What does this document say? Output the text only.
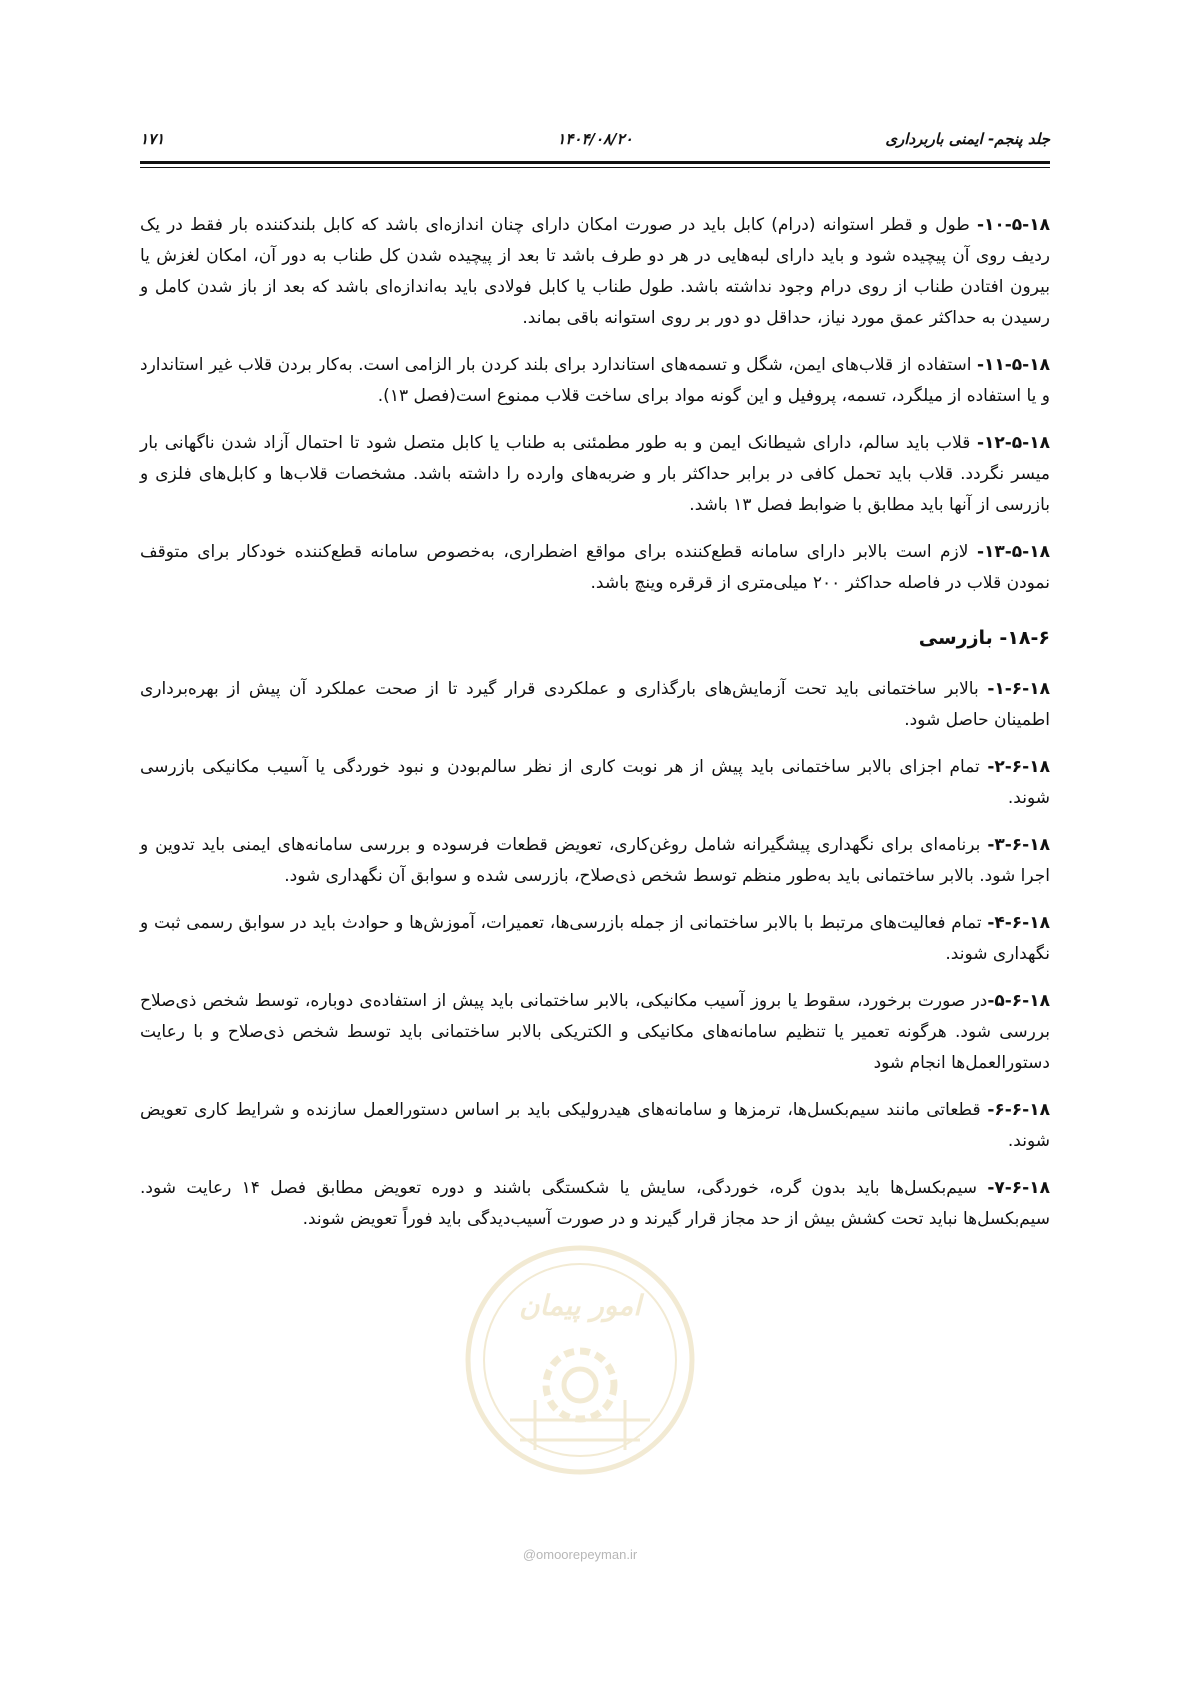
۱۷۱	۱۴۰۴/۰۸/۲۰	جلد پنجم- ایمنی باربرداری

۱۰-۵-۱۸- طول و قطر استوانه (درام) کابل باید در صورت امکان دارای چنان اندازه‌ای باشد که کابل بلندکننده بار فقط در یک ردیف روی آن پیچیده شود و باید دارای لبه‌هایی در هر دو طرف باشد تا بعد از پیچیده شدن کل طناب به دور آن، امکان لغزش یا بیرون افتادن طناب از روی درام وجود نداشته باشد. طول طناب یا کابل فولادی باید به‌اندازه‌ای باشد که بعد از باز شدن کامل و رسیدن به حداکثر عمق مورد نیاز، حداقل دو دور بر روی استوانه باقی بماند.

۱۱-۵-۱۸- استفاده از قلاب‌های ایمن، شگل و تسمه‌های استاندارد برای بلند کردن بار الزامی است. به‌کار بردن قلاب غیر استاندارد و یا استفاده از میلگرد، تسمه، پروفیل و این گونه مواد برای ساخت قلاب ممنوع است(فصل ۱۳).

۱۲-۵-۱۸- قلاب باید سالم، دارای شیطانک ایمن و به طور مطمئنی به طناب یا کابل متصل شود تا احتمال آزاد شدن ناگهانی بار میسر نگردد. قلاب باید تحمل کافی در برابر حداکثر بار و ضربه‌های وارده را داشته باشد. مشخصات قلاب‌ها و کابل‌های فلزی و بازرسی از آنها باید مطابق با ضوابط فصل ۱۳ باشد.

۱۳-۵-۱۸- لازم است بالابر دارای سامانه قطع‌کننده برای مواقع اضطراری، به‌خصوص سامانه قطع‌کننده خودکار برای متوقف نمودن قلاب در فاصله حداکثر ۲۰۰ میلی‌متری از قرقره وینچ باشد.

۱۸-۶- بازرسی

۱-۶-۱۸- بالابر ساختمانی باید تحت آزمایش‌های بارگذاری و عملکردی قرار گیرد تا از صحت عملکرد آن پیش از بهره‌برداری اطمینان حاصل شود.

۲-۶-۱۸- تمام اجزای بالابر ساختمانی باید پیش از هر نوبت کاری از نظر سالم‌بودن و نبود خوردگی یا آسیب مکانیکی بازرسی شوند.

۳-۶-۱۸- برنامه‌ای برای نگهداری پیشگیرانه شامل روغن‌کاری، تعویض قطعات فرسوده و بررسی سامانه‌های ایمنی باید تدوین و اجرا شود. بالابر ساختمانی باید به‌طور منظم توسط شخص ذی‌صلاح، بازرسی شده و سوابق آن نگهداری شود.

۴-۶-۱۸- تمام فعالیت‌های مرتبط با بالابر ساختمانی از جمله بازرسی‌ها، تعمیرات، آموزش‌ها و حوادث باید در سوابق رسمی ثبت و نگهداری شوند.

۵-۶-۱۸-در صورت برخورد، سقوط یا بروز آسیب مکانیکی، بالابر ساختمانی باید پیش از استفاده‌ی دوباره، توسط شخص ذی‌صلاح بررسی شود. هرگونه تعمیر یا تنظیم سامانه‌های مکانیکی و الکتریکی بالابر ساختمانی باید توسط شخص ذی‌صلاح و با رعایت دستورالعمل‌ها انجام شود

۶-۶-۱۸- قطعاتی مانند سیم‌بکسل‌ها، ترمزها و سامانه‌های هیدرولیکی باید بر اساس دستورالعمل سازنده و شرایط کاری تعویض شوند.

۷-۶-۱۸- سیم‌بکسل‌ها باید بدون گره، خوردگی، سایش یا شکستگی باشند و دوره تعویض مطابق فصل ۱۴ رعایت شود. سیم‌بکسل‌ها نباید تحت کشش بیش از حد مجاز قرار گیرند و در صورت آسیب‌دیدگی باید فوراً تعویض شوند.

امور پیمان
@omoorepeyman.ir
